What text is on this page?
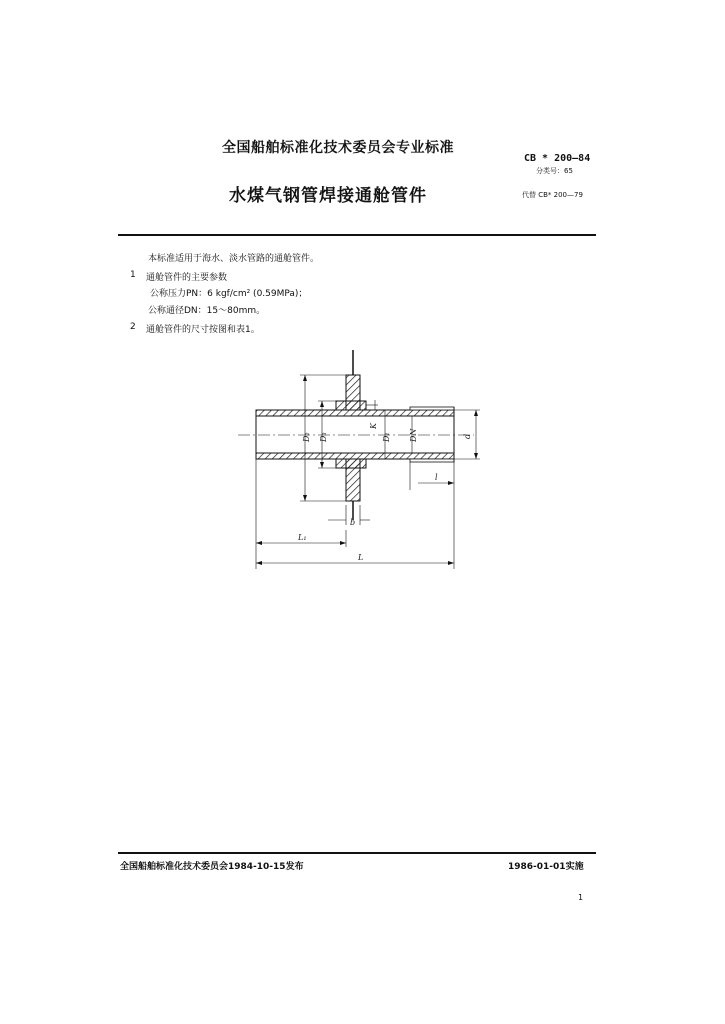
全国船舶标准化技术委员会专业标准
CB * 200—84
分类号：65
水煤气钢管焊接通舱管件	代替 CB* 200—79
本标准适用于海水、淡水管路的通舱管件。
1 通舱管件的主要参数
公称压力PN：6 kgf/cm² (0.59MPa)；
公称通径DN：15～80mm。
2 通舱管件的尺寸按图和表1。
D₂ D₃
K
D₁ DN	d
l
b
L₁
L
全国船舶标准化技术委员会1984-10-15发布	1986-01-01实施
1
